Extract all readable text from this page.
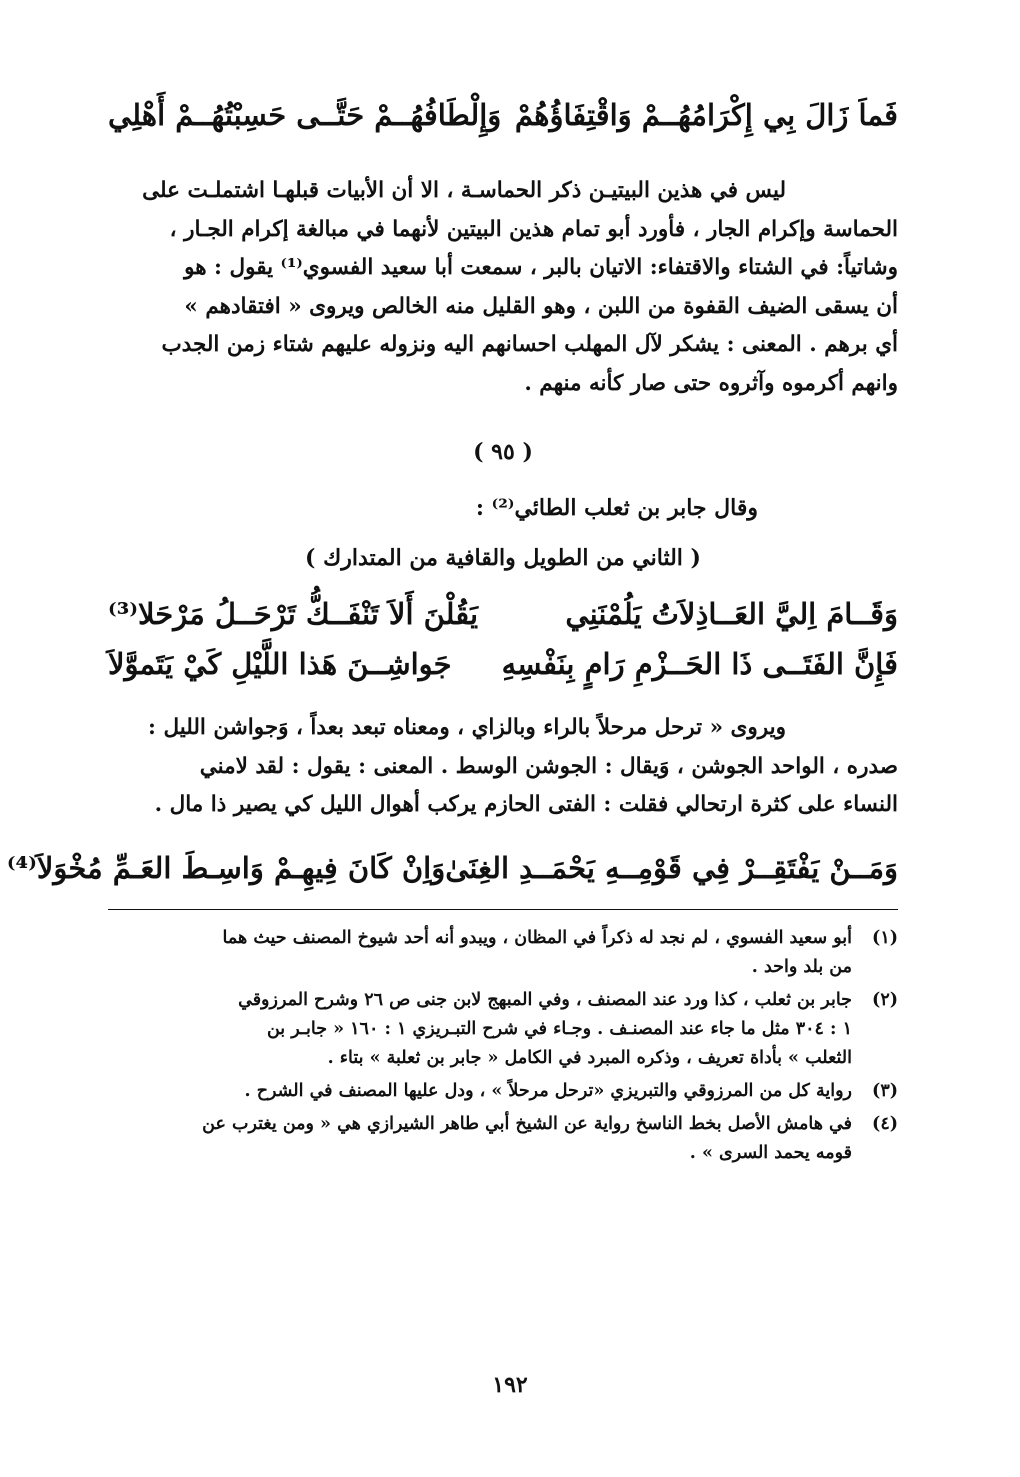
فَماَ زَالَ بِي إِكْرَامُهُــمْ وَاقْتِفَاؤُهُمْ
وَإِلْطَافُهُــمْ حَتَّــى حَسِبْتُهُــمْ أَهْلِي

ليس في هذين البيتيـن ذكر الحماسـة ، الا أن الأبيات قبلهـا اشتملـت على

الحماسة وإكرام الجار ، فأورد أبو تمام هذين البيتين لأنهما في مبالغة إكرام الجـار ،

وشاتياً: في الشتاء والاقتفاء: الاتيان بالبر ، سمعت أبا سعيد الفسوي⁽¹⁾ يقول : هو

أن يسقى الضيف القفوة من اللبن ، وهو القليل منه الخالص ويروى « افتقادهم »

أي برهم . المعنى : يشكر لآل المهلب احسانهم اليه ونزوله عليهم شتاء زمن الجدب

وانهم أكرموه وآثروه حتى صار كأنه منهم .

( ٩٥ )
وقال جابر بن ثعلب الطائي⁽²⁾ :
( الثاني من الطويل والقافية من المتدارك )
وَقَــامَ اِليَّ العَــاذِلاَتُ يَلُمْنَنِي
يَقُلْنَ أَلاَ تَنْفَــكُّ تَرْحَــلُ مَرْحَلا⁽³⁾
فَإِنَّ الفَتَــى ذَا الحَــزْمِ رَامٍ بِنَفْسِهِ
جَواشِــنَ هَذا اللَّيْلِ كَيْ يَتَموَّلاَ

ويروى « ترحل مرحلاً بالراء وبالزاي ، ومعناه تبعد بعداً ، وَجواشن الليل :

صدره ، الواحد الجوشن ، وَيقال : الجوشن الوسط . المعنى : يقول : لقد لامني

النساء على كثرة ارتحالي فقلت : الفتى الحازم يركب أهوال الليل كي يصير ذا مال .

وَمَــنْ يَفْتَقِــرْ فِي قَوْمِــهِ يَحْمَــدِ الغِنَىٰ
وَاِنْ كَانَ فِيهِـمْ وَاسِـطَ العَـمِّ مُخْوَلاَ⁽⁴⁾
(١)
أبو سعيد الفسوي ، لم نجد له ذكراً في المظان ، ويبدو أنه أحد شيوخ المصنف حيث هما
من بلد واحد .
(٢)
جابر بن ثعلب ، كذا ورد عند المصنف ، وفي المبهج لابن جنى ص ٢٦ وشرح المرزوقي
١ : ٣٠٤ مثل ما جاء عند المصنـف . وجـاء في شرح التبـريزي ١ : ١٦٠ « جابـر بن
الثعلب » بأداة تعريف ، وذكره المبرد في الكامل « جابر بن ثعلبة » بتاء .
(٣)
رواية كل من المرزوقي والتبريزي «ترحل مرحلاً » ، ودل عليها المصنف في الشرح .
(٤)
في هامش الأصل بخط الناسخ رواية عن الشيخ أبي طاهر الشيرازي هي « ومن يغترب عن
قومه يحمد السرى » .
١٩٢
